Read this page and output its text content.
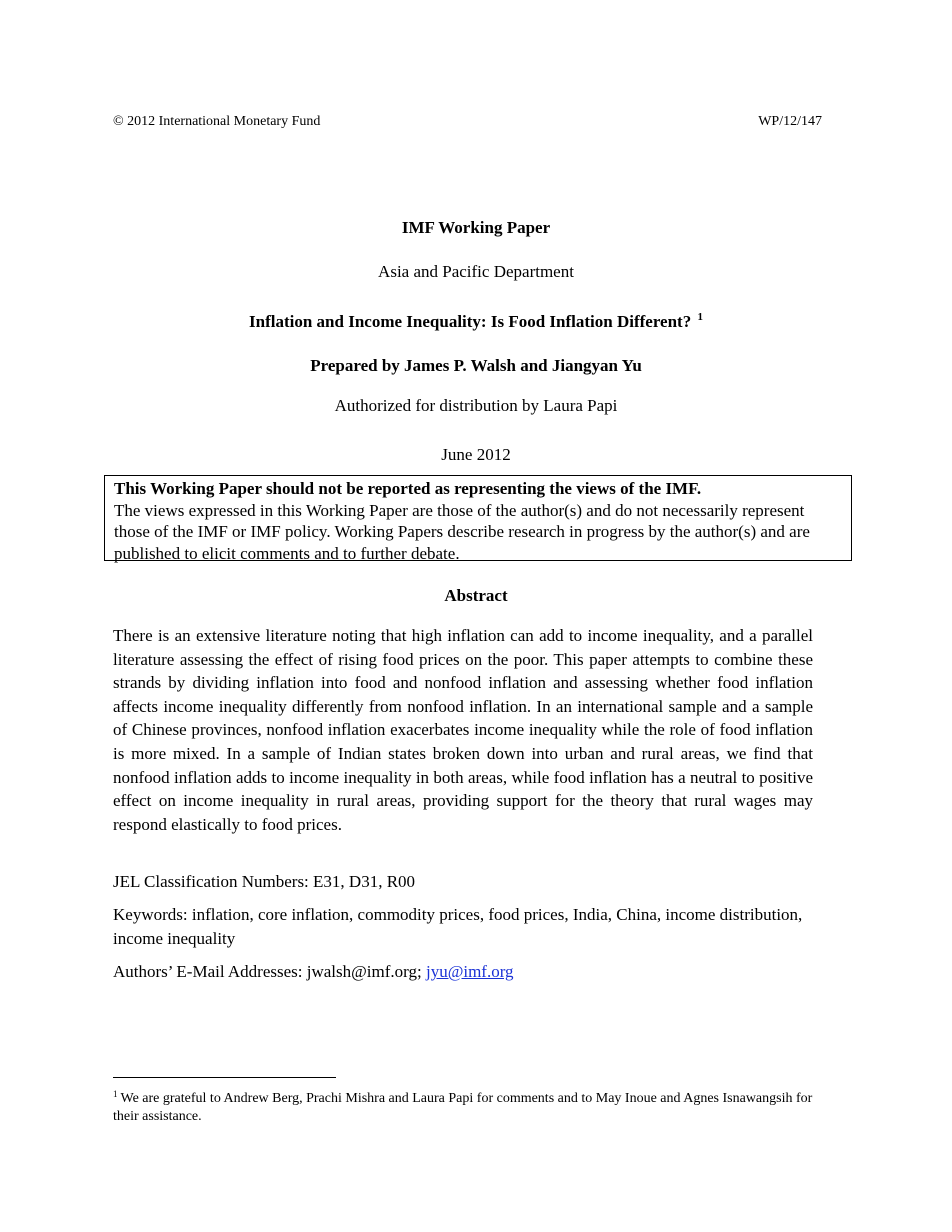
© 2012 International Monetary Fund	WP/12/147
IMF Working Paper
Asia and Pacific Department
Inflation and Income Inequality: Is Food Inflation Different? $^1$
Prepared by James P. Walsh and Jiangyan Yu
Authorized for distribution by Laura Papi
June 2012
This Working Paper should not be reported as representing the views of the IMF.
The views expressed in this Working Paper are those of the author(s) and do not necessarily represent those of the IMF or IMF policy. Working Papers describe research in progress by the author(s) and are published to elicit comments and to further debate.
Abstract

There is an extensive literature noting that high inflation can add to income inequality, and a parallel literature assessing the effect of rising food prices on the poor. This paper attempts to combine these strands by dividing inflation into food and nonfood inflation and assessing whether food inflation affects income inequality differently from nonfood inflation. In an international sample and a sample of Chinese provinces, nonfood inflation exacerbates income inequality while the role of food inflation is more mixed. In a sample of Indian states broken down into urban and rural areas, we find that nonfood inflation adds to income inequality in both areas, while food inflation has a neutral to positive effect on income inequality in rural areas, providing support for the theory that rural wages may respond elastically to food prices.

JEL Classification Numbers: E31, D31, R00
Keywords: inflation, core inflation, commodity prices, food prices, India, China, income distribution, income inequality
Authors’ E-Mail Addresses: jwalsh@imf.org; jyu@imf.org
$^1$ We are grateful to Andrew Berg, Prachi Mishra and Laura Papi for comments and to May Inoue and Agnes Isnawangsih for their assistance.
